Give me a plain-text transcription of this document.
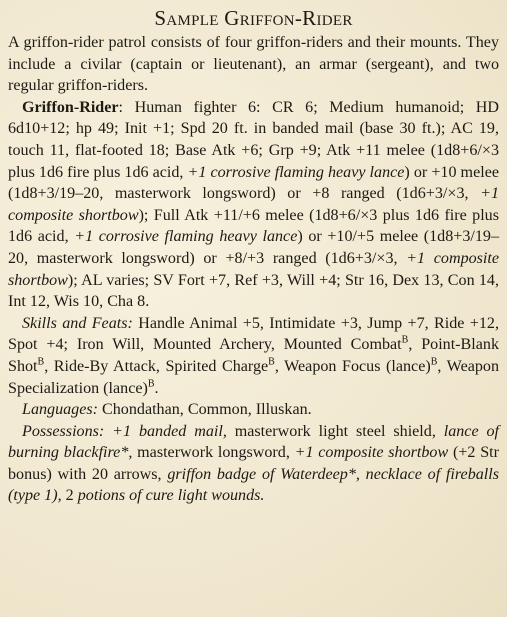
Sample Griffon-Rider

A griffon-rider patrol consists of four griffon-riders and their mounts. They include a civilar (captain or lieutenant), an armar (sergeant), and two regular griffon-riders.

Griffon-Rider: Human fighter 6: CR 6; Medium humanoid; HD 6d10+12; hp 49; Init +1; Spd 20 ft. in banded mail (base 30 ft.); AC 19, touch 11, flat-footed 18; Base Atk +6; Grp +9; Atk +11 melee (1d8+6/×3 plus 1d6 fire plus 1d6 acid, +1 corrosive flaming heavy lance) or +10 melee (1d8+3/19–20, masterwork longsword) or +8 ranged (1d6+3/×3, +1 composite shortbow); Full Atk +11/+6 melee (1d8+6/×3 plus 1d6 fire plus 1d6 acid, +1 corrosive flaming heavy lance) or +10/+5 melee (1d8+3/19–20, masterwork longsword) or +8/+3 ranged (1d6+3/×3, +1 composite shortbow); AL varies; SV Fort +7, Ref +3, Will +4; Str 16, Dex 13, Con 14, Int 12, Wis 10, Cha 8.

Skills and Feats: Handle Animal +5, Intimidate +3, Jump +7, Ride +12, Spot +4; Iron Will, Mounted Archery, Mounted Combat$^B$, Point-Blank Shot$^B$, Ride-By Attack, Spirited Charge$^B$, Weapon Focus (lance)$^B$, Weapon Specialization (lance)$^B$.

Languages: Chondathan, Common, Illuskan.

Possessions: +1 banded mail, masterwork light steel shield, lance of burning blackfire*, masterwork longsword, +1 composite shortbow (+2 Str bonus) with 20 arrows, griffon badge of Waterdeep*, necklace of fireballs (type 1), 2 potions of cure light wounds.
